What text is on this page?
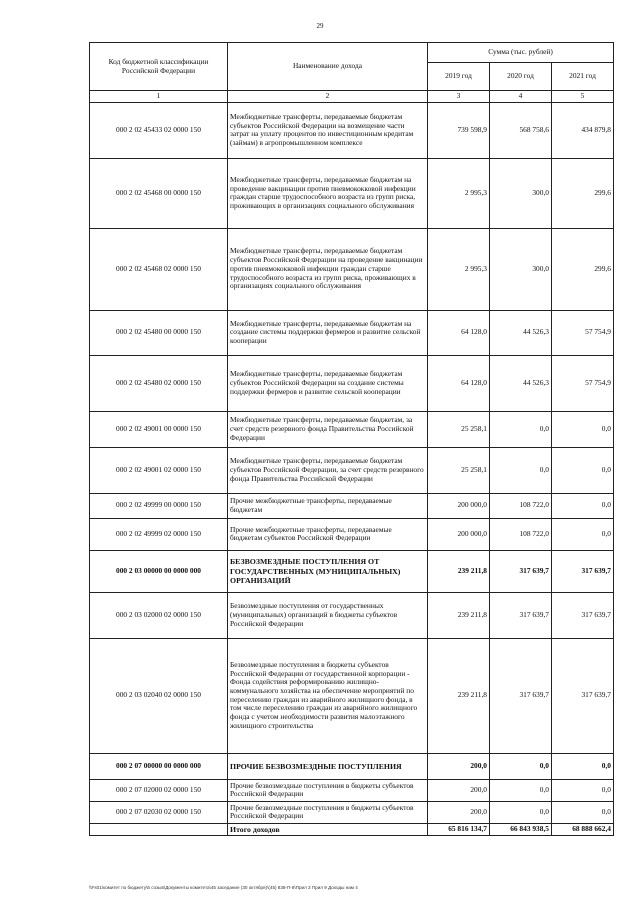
29
Код бюджетной классификации Российской Федерации	Наименование дохода	Сумма (тыс. рублей)		
		2019 год	2020 год	2021 год
1	2	3	4	5
000 2 02 45433 02 0000 150	Межбюджетные трансферты, передаваемые бюджетам субъектов Российской Федерации на возмещение части затрат на уплату процентов по инвестиционным кредитам (займам) в агропромышленном комплексе	739 598,9	568 758,6	434 879,8
000 2 02 45468 00 0000 150	Межбюджетные трансферты, передаваемые бюджетам на проведение вакцинации против пневмококковой инфекции граждан старше трудоспособного возраста из групп риска, проживающих в организациях социального обслуживания	2 995,3	300,0	299,6
000 2 02 45468 02 0000 150	Межбюджетные трансферты, передаваемые бюджетам субъектов Российской Федерации на проведение вакцинации против пневмококковой инфекции граждан старше трудоспособного возраста из групп риска, проживающих в организациях социального обслуживания	2 995,3	300,0	299,6
000 2 02 45480 00 0000 150	Межбюджетные трансферты, передаваемые бюджетам на создание системы поддержки фермеров и развитие сельской кооперации	64 128,0	44 526,3	57 754,9
000 2 02 45480 02 0000 150	Межбюджетные трансферты, передаваемые бюджетам субъектов Российской Федерации на создание системы поддержки фермеров и развитие сельской кооперации	64 128,0	44 526,3	57 754,9
000 2 02 49001 00 0000 150	Межбюджетные трансферты, передаваемые бюджетам, за счет средств резервного фонда Правительства Российской Федерации	25 258,1	0,0	0,0
000 2 02 49001 02 0000 150	Межбюджетные трансферты, передаваемые бюджетам субъектов Российской Федерации, за счет средств резервного фонда Правительства Российской Федерации	25 258,1	0,0	0,0
000 2 02 49999 00 0000 150	Прочие межбюджетные трансферты, передаваемые бюджетам	200 000,0	108 722,0	0,0
000 2 02 49999 02 0000 150	Прочие межбюджетные трансферты, передаваемые бюджетам субъектов Российской Федерации	200 000,0	108 722,0	0,0
000 2 03 00000 00 0000 000	БЕЗВОЗМЕЗДНЫЕ ПОСТУПЛЕНИЯ ОТ ГОСУДАРСТВЕННЫХ (МУНИЦИПАЛЬНЫХ) ОРГАНИЗАЦИЙ	239 211,8	317 639,7	317 639,7
000 2 03 02000 02 0000 150	Безвозмездные поступления от государственных (муниципальных) организаций в бюджеты субъектов Российской Федерации	239 211,8	317 639,7	317 639,7
000 2 03 02040 02 0000 150	Безвозмездные поступления в бюджеты субъектов Российской Федерации от государственной корпорации - Фонда содействия реформированию жилищно-коммунального хозяйства на обеспечение мероприятий по переселению граждан из аварийного жилищного фонда, в том числе переселению граждан из аварийного жилищного фонда с учетом необходимости развития малоэтажного жилищного строительства	239 211,8	317 639,7	317 639,7
000 2 07 00000 00 0000 000	ПРОЧИЕ БЕЗВОЗМЕЗДНЫЕ ПОСТУПЛЕНИЯ	200,0	0,0	0,0
000 2 07 02000 02 0000 150	Прочие безвозмездные поступления в бюджеты субъектов Российской Федерации	200,0	0,0	0,0
000 2 07 02030 02 0000 150	Прочие безвозмездные поступления в бюджеты субъектов Российской Федерации	200,0	0,0	0,0
	Итого доходов	65 816 134,7	66 843 938,5	68 888 662,4
\\Fs01\комитет по бюджету\6 созыв\Документы комитета\45 заседание (30 октября)\(45) 838-П-8\Прил 3 Прил 9 Доходы нам 4
